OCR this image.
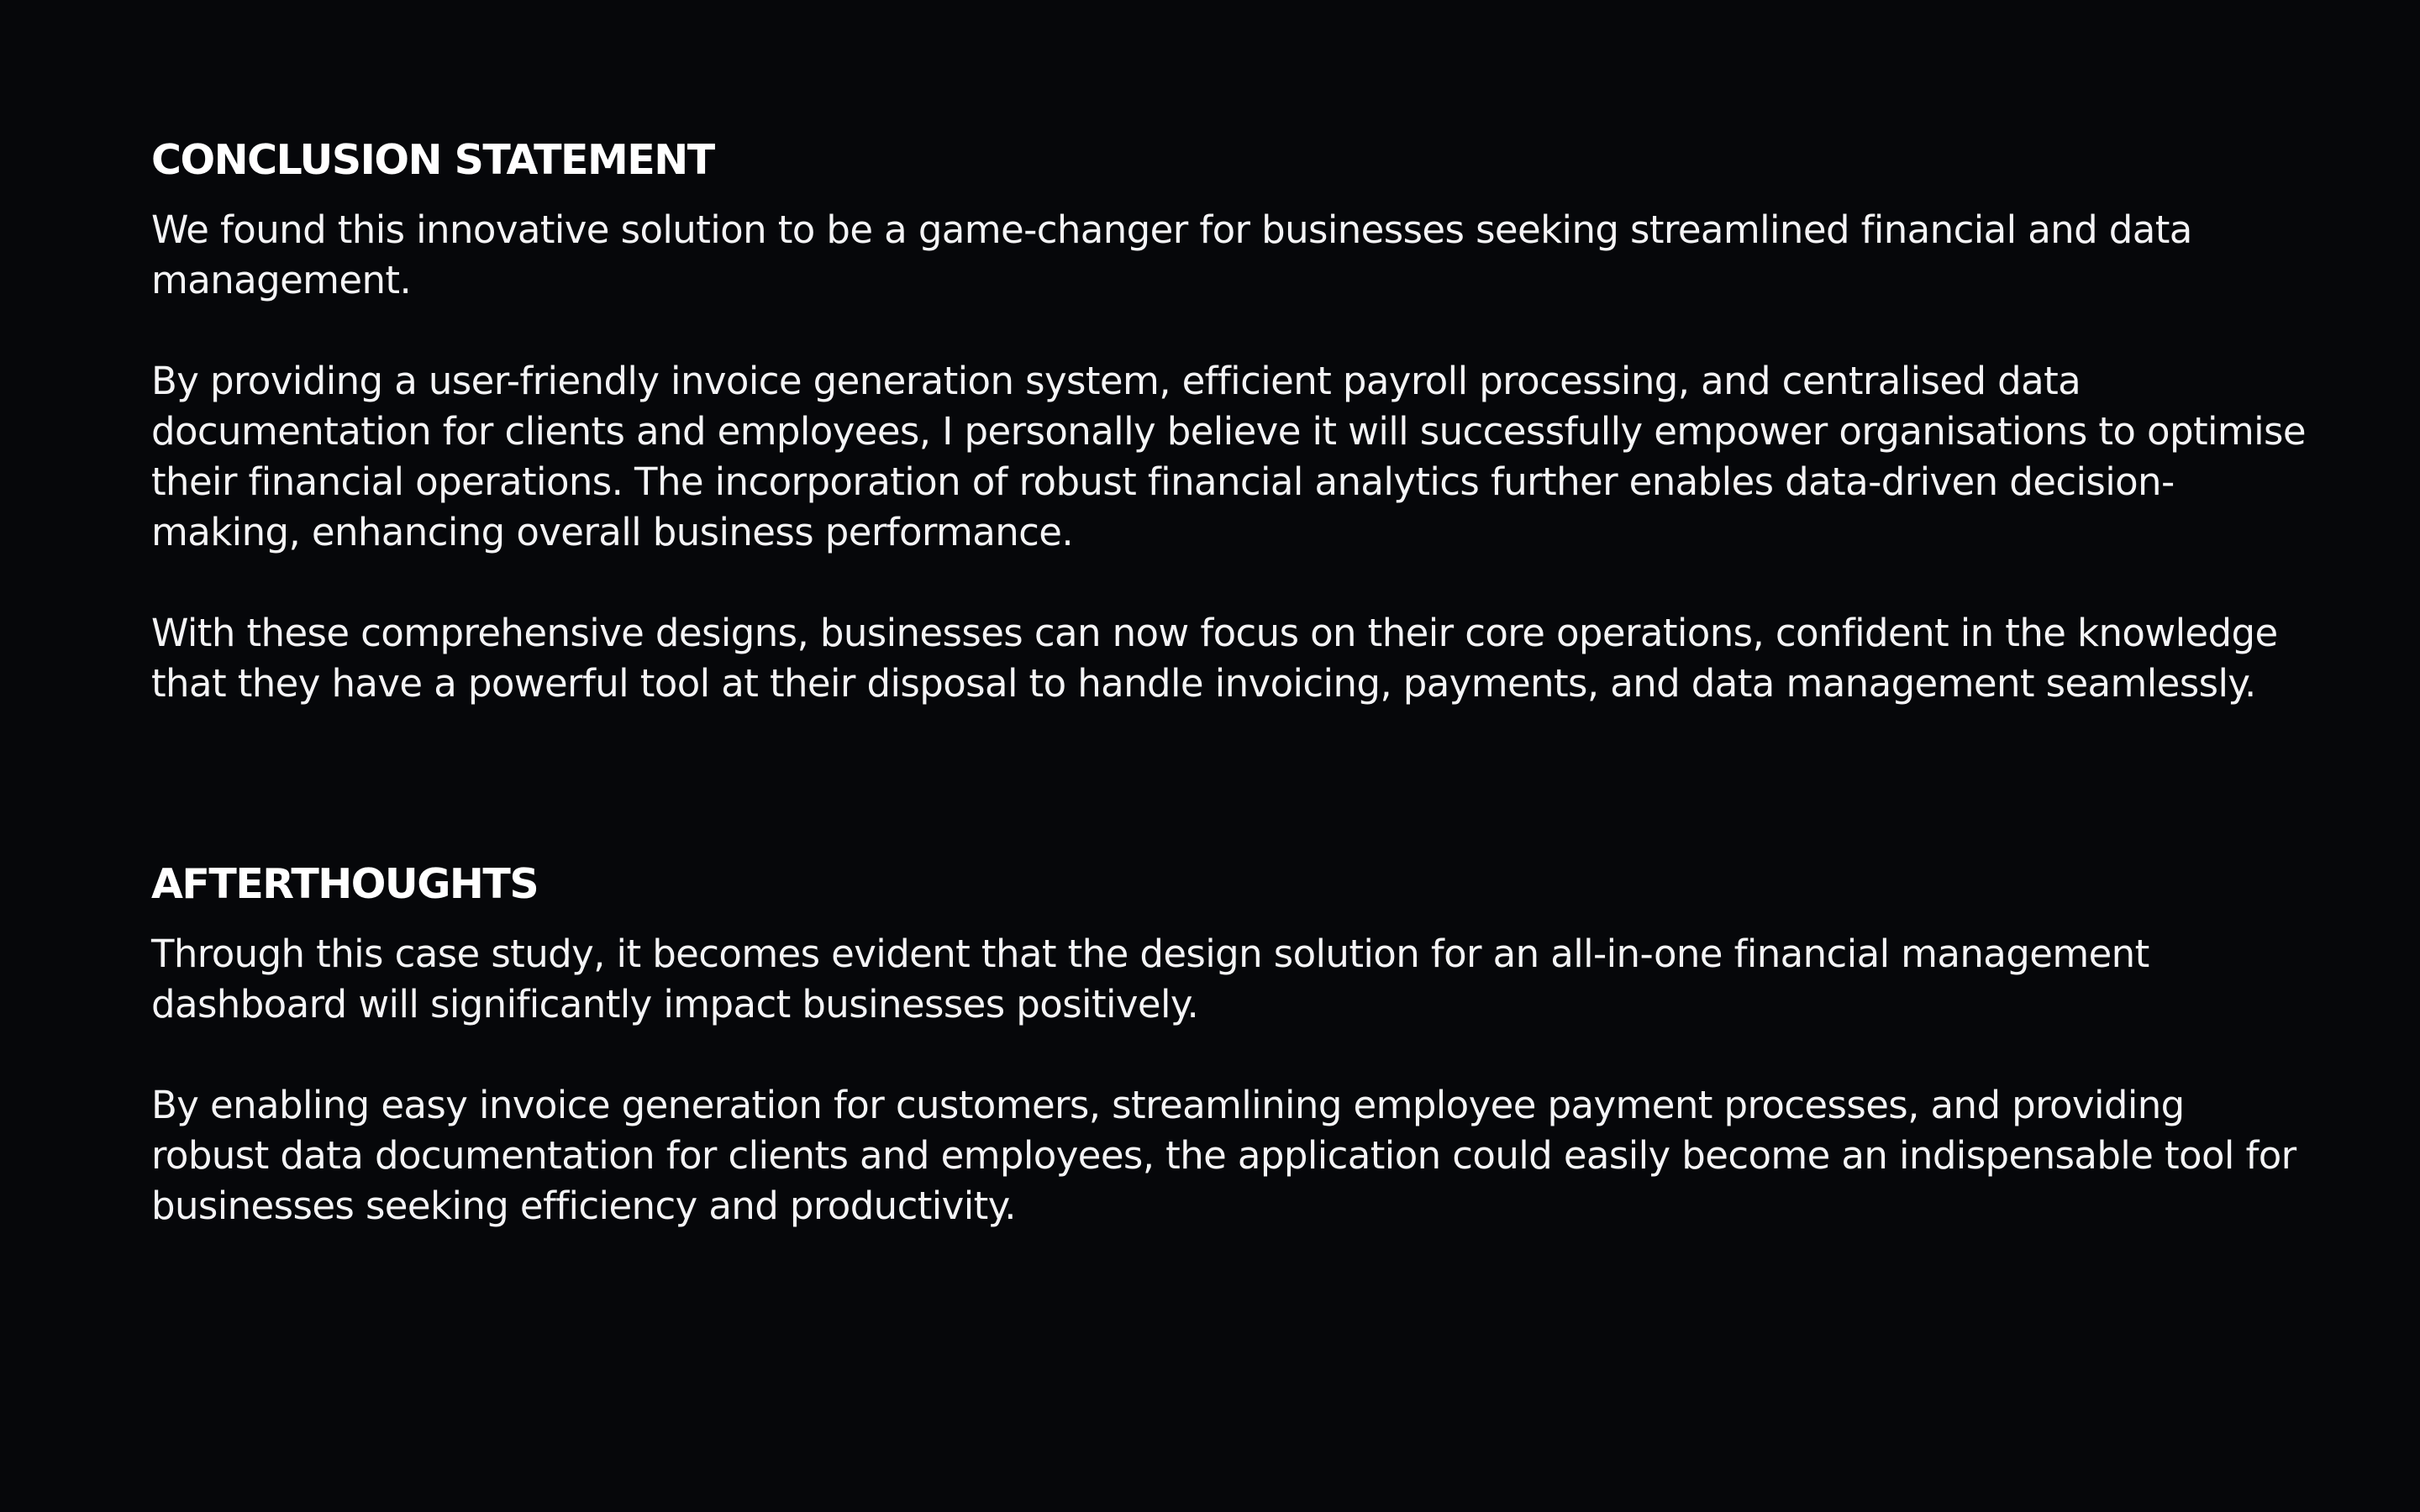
CONCLUSION STATEMENT

We found this innovative solution to be a game-changer for businesses seeking streamlined financial and data management.

By providing a user-friendly invoice generation system, efficient payroll processing, and centralised data documentation for clients and employees, I personally believe it will successfully empower organisations to optimise their financial operations. The incorporation of robust financial analytics further enables data-driven decision-making, enhancing overall business performance.

With these comprehensive designs, businesses can now focus on their core operations, confident in the knowledge that they have a powerful tool at their disposal to handle invoicing, payments, and data management seamlessly.

AFTERTHOUGHTS

Through this case study, it becomes evident that the design solution for an all-in-one financial management dashboard will significantly impact businesses positively.

By enabling easy invoice generation for customers, streamlining employee payment processes, and providing robust data documentation for clients and employees, the application could easily become an indispensable tool for businesses seeking efficiency and productivity.
